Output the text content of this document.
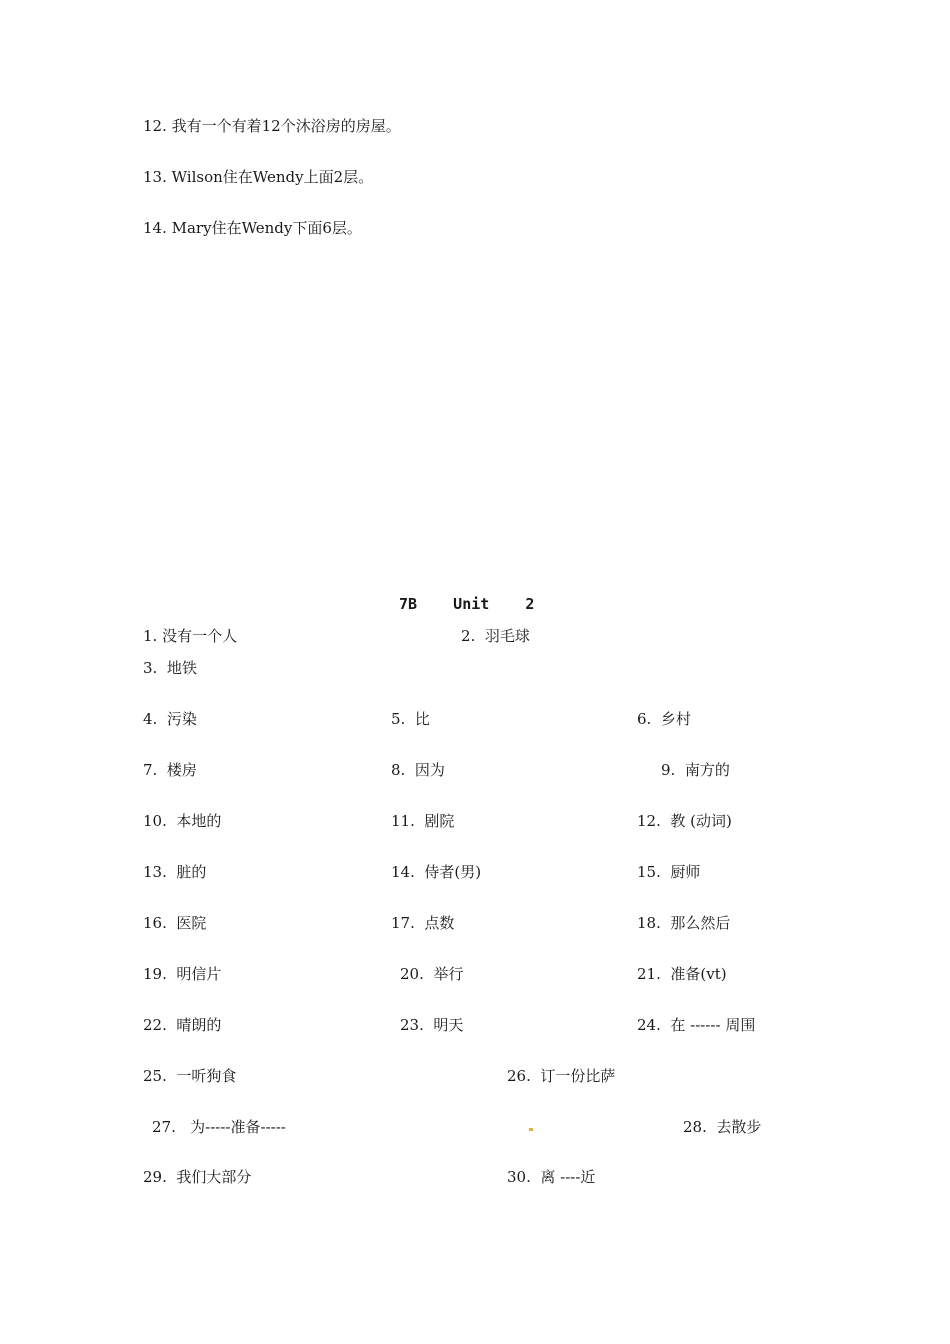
12. 我有一个有着12个沐浴房的房屋。
13. Wilson住在Wendy上面2层。
14. Mary住在Wendy下面6层。
7B    Unit    2
1. 没有一个人	2.  羽毛球
3.  地铁
4.  污染	5.  比	6.  乡村
7.  楼房	8.  因为	9.  南方的
10.  本地的	11.  剧院	12.  教 (动词)
13.  脏的	14.  侍者(男)	15.  厨师
16.  医院	17.  点数	18.  那么然后
19.  明信片	20.  举行	21.  准备(vt)
22.  晴朗的	23.  明天	24.  在 ------ 周围
25.  一听狗食	26.  订一份比萨
27.   为-----准备-----	28.  去散步
29.  我们大部分	30.  离 ----近
